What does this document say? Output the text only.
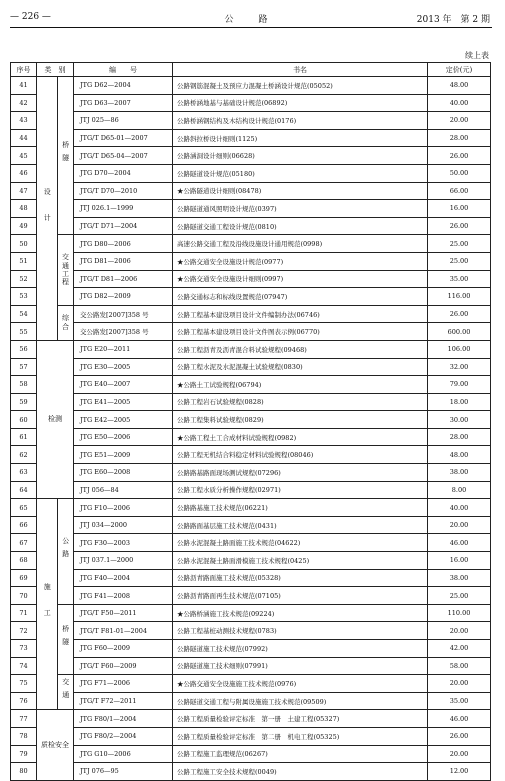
— 226 —	公　路	2013 年　第 2 期
续上表
序号	类　别		编　　号	书名	定价(元)
41	设　计	桥隧	JTG D62—2004	公路钢筋混凝土及预应力混凝土桥涵设计规范(05052)	48.00
42			JTG D63—2007	公路桥涵地基与基础设计规范(06892)	40.00
43			JTJ 025—86	公路桥涵钢结构及木结构设计规范(0176)	20.00
44			JTG/T D65-01—2007	公路斜拉桥设计细则(1125)	28.00
45			JTG/T D65-04—2007	公路涵洞设计细则(06628)	26.00
46			JTG D70—2004	公路隧道设计规范(05180)	50.00
47			JTG/T D70—2010	★公路隧道设计细则(08478)	66.00
48			JTJ 026.1—1999	公路隧道通风照明设计规范(0397)	16.00
49			JTG/T D71—2004	公路隧道交通工程设计规范(0810)	26.00
50		交通工程	JTG D80—2006	高速公路交通工程及沿线设施设计通用规范(0998)	25.00
51			JTG D81—2006	★公路交通安全设施设计规范(0977)	25.00
52			JTG/T D81—2006	★公路交通安全设施设计细则(0997)	35.00
53			JTG D82—2009	公路交通标志和标线设置规范(07947)	116.00
54		综合	交公路发[2007]358 号	公路工程基本建设项目设计文件编制办法(06746)	26.00
55			交公路发[2007]358 号	公路工程基本建设项目设计文件图表示例(06770)	600.00
56	检测		JTG E20—2011	公路工程沥青及沥青混合料试验规程(09468)	106.00
57			JTG E30—2005	公路工程水泥及水泥混凝土试验规程(0830)	32.00
58			JTG E40—2007	★公路土工试验规程(06794)	79.00
59			JTG E41—2005	公路工程岩石试验规程(0828)	18.00
60			JTG E42—2005	公路工程集料试验规程(0829)	30.00
61			JTG E50—2006	★公路工程土工合成材料试验规程(0982)	28.00
62			JTG E51—2009	公路工程无机结合料稳定材料试验规程(08046)	48.00
63			JTG E60—2008	公路路基路面现场测试规程(07296)	38.00
64			JTJ 056—84	公路工程水质分析操作规程(02971)	8.00
65	施　工	公路	JTG F10—2006	公路路基施工技术规范(06221)	40.00
66			JTJ 034—2000	公路路面基层施工技术规范(0431)	20.00
67			JTG F30—2003	公路水泥混凝土路面施工技术规范(04622)	46.00
68			JTJ 037.1—2000	公路水泥混凝土路面滑模施工技术规程(0425)	16.00
69			JTG F40—2004	公路沥青路面施工技术规范(05328)	38.00
70			JTG F41—2008	公路沥青路面再生技术规范(07105)	25.00
71		桥隧	JTG/T F50—2011	★公路桥涵施工技术规范(09224)	110.00
72			JTG/T F81-01—2004	公路工程基桩动测技术规程(0783)	20.00
73			JTG F60—2009	公路隧道施工技术规范(07992)	42.00
74			JTG/T F60—2009	公路隧道施工技术细则(07991)	58.00
75		交通	JTG F71—2006	★公路交通安全设施施工技术规范(0976)	20.00
76			JTG/T F72—2011	公路隧道交通工程与附属设施施工技术规范(09509)	35.00
77	质检安全		JTG F80/1—2004	公路工程质量检验评定标准　第一册　土建工程(05327)	46.00
78			JTG F80/2—2004	公路工程质量检验评定标准　第二册　机电工程(05325)	26.00
79			JTG G10—2006	公路工程施工监理规范(06267)	20.00
80			JTJ 076—95	公路工程施工安全技术规程(0049)	12.00
